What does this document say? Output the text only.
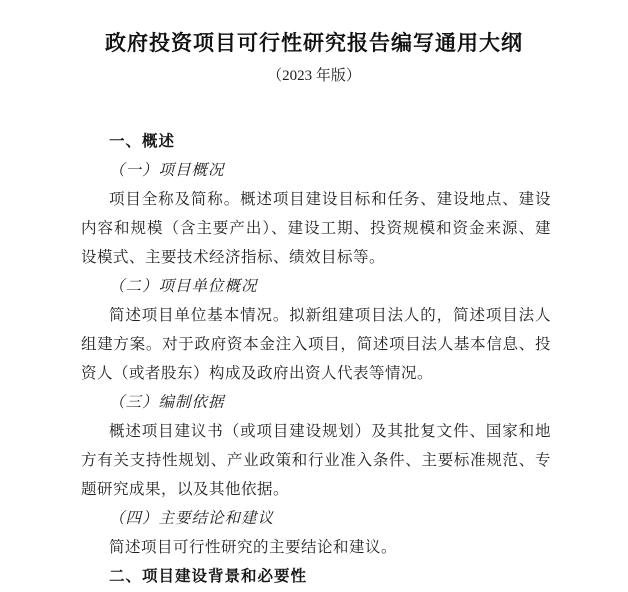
政府投资项目可行性研究报告编写通用大纲
（2023 年版）

一、概述

（一）项目概况

项目全称及简称。概述项目建设目标和任务、建设地点、建设内容和规模（含主要产出）、建设工期、投资规模和资金来源、建设模式、主要技术经济指标、绩效目标等。

（二）项目单位概况

简述项目单位基本情况。拟新组建项目法人的，简述项目法人组建方案。对于政府资本金注入项目，简述项目法人基本信息、投资人（或者股东）构成及政府出资人代表等情况。

（三）编制依据

概述项目建议书（或项目建设规划）及其批复文件、国家和地方有关支持性规划、产业政策和行业准入条件、主要标准规范、专题研究成果，以及其他依据。

（四）主要结论和建议

简述项目可行性研究的主要结论和建议。

二、项目建设背景和必要性
